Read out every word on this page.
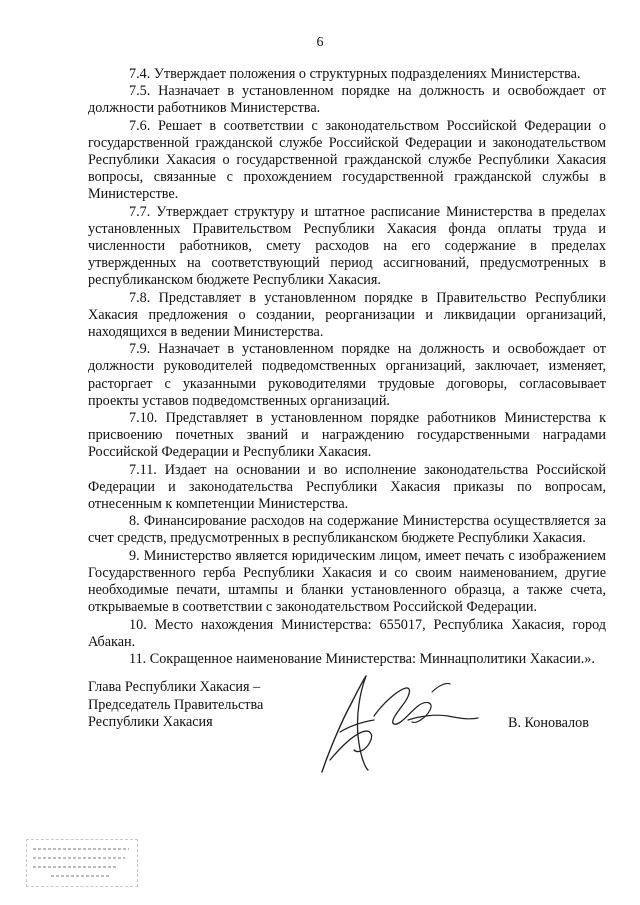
6

7.4. Утверждает положения о структурных подразделениях Министерства.

7.5. Назначает в установленном порядке на должность и освобождает от должности работников Министерства.

7.6. Решает в соответствии с законодательством Российской Федерации о государственной гражданской службе Российской Федерации и законодательством Республики Хакасия о государственной гражданской службе Республики Хакасия вопросы, связанные с прохождением государственной гражданской службы в Министерстве.

7.7. Утверждает структуру и штатное расписание Министерства в пределах установленных Правительством Республики Хакасия фонда оплаты труда и численности работников, смету расходов на его содержание в пределах утвержденных на соответствующий период ассигнований, предусмотренных в республиканском бюджете Республики Хакасия.

7.8. Представляет в установленном порядке в Правительство Республики Хакасия предложения о создании, реорганизации и ликвидации организаций, находящихся в ведении Министерства.

7.9. Назначает в установленном порядке на должность и освобождает от должности руководителей подведомственных организаций, заключает, изменяет, расторгает с указанными руководителями трудовые договоры, согласовывает проекты уставов подведомственных организаций.

7.10. Представляет в установленном порядке работников Министерства к присвоению почетных званий и награждению государственными наградами Российской Федерации и Республики Хакасия.

7.11. Издает на основании и во исполнение законодательства Российской Федерации и законодательства Республики Хакасия приказы по вопросам, отнесенным к компетенции Министерства.

8. Финансирование расходов на содержание Министерства осуществляется за счет средств, предусмотренных в республиканском бюджете Республики Хакасия.

9. Министерство является юридическим лицом, имеет печать с изображением Государственного герба Республики Хакасия и со своим наименованием, другие необходимые печати, штампы и бланки установленного образца, а также счета, открываемые в соответствии с законодательством Российской Федерации.

10. Место нахождения Министерства: 655017, Республика Хакасия, город Абакан.

11. Сокращенное наименование Министерства: Миннацполитики Хакасии.».

Глава Республики Хакасия –
Председатель Правительства
Республики Хакасия	В. Коновалов
